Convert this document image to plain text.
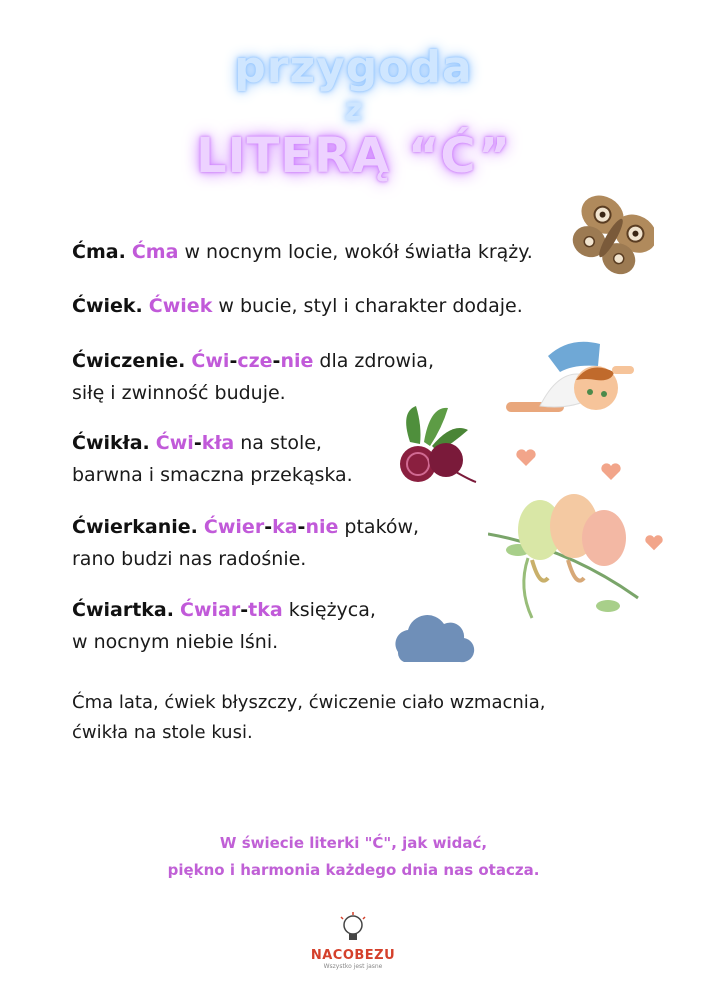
przygoda
z
LITERĄ “Ć”
Ćma. Ćma w nocnym locie, wokół światła krąży.
Ćwiek. Ćwiek w bucie, styl i charakter dodaje.
Ćwiczenie. Ćwi-cze-nie dla zdrowia,
siłę i zwinność buduje.
Ćwikła. Ćwi-kła na stole,
barwna i smaczna przekąska.
Ćwierkanie. Ćwier-ka-nie ptaków,
rano budzi nas radośnie.
Ćwiartka. Ćwiar-tka księżyca,
w nocnym niebie lśni.
Ćma lata, ćwiek błyszczy, ćwiczenie ciało wzmacnia,
ćwikła na stole kusi.
W świecie literki "Ć", jak widać,
piękno i harmonia każdego dnia nas otacza.
NACOBEZU
Wszystko jest jasne
